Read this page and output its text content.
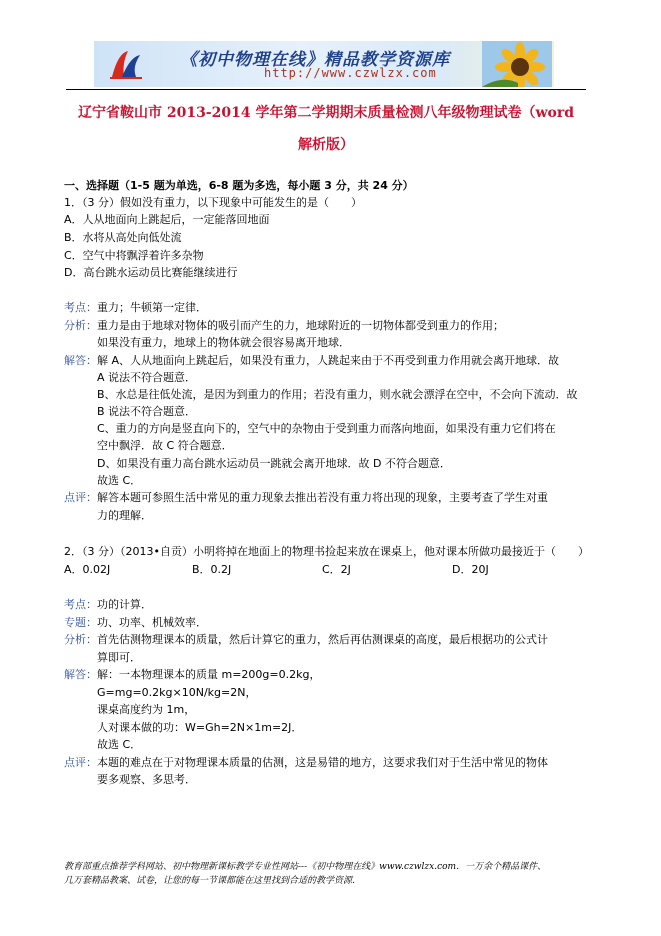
《初中物理在线》精品教学资源库
http://www.czwlzx.com
辽宁省鞍山市 2013-2014 学年第二学期期末质量检测八年级物理试卷（word
解析版）
一、选择题（1-5 题为单选，6-8 题为多选，每小题 3 分，共 24 分）
1．（3 分）假如没有重力，以下现象中可能发生的是（　　）
A．人从地面向上跳起后，一定能落回地面
B．水将从高处向低处流
C．空气中将飘浮着许多杂物
D．高台跳水运动员比赛能继续进行
考点： 重力；牛顿第一定律．
分析： 重力是由于地球对物体的吸引而产生的力，地球附近的一切物体都受到重力的作用；
如果没有重力，地球上的物体就会很容易离开地球．
解答： 解 A、人从地面向上跳起后，如果没有重力，人跳起来由于不再受到重力作用就会离开地球．故
A 说法不符合题意．
B、水总是往低处流，是因为到重力的作用；若没有重力，则水就会漂浮在空中，不会向下流动．故
B 说法不符合题意．
C、重力的方向是竖直向下的，空气中的杂物由于受到重力而落向地面，如果没有重力它们将在
空中飘浮．故 C 符合题意．
D、如果没有重力高台跳水运动员一跳就会离开地球．故 D 不符合题意．
故选 C．
点评： 解答本题可参照生活中常见的重力现象去推出若没有重力将出现的现象，主要考查了学生对重
力的理解．
2．（3 分）（2013•自贡）小明将掉在地面上的物理书捡起来放在课桌上，他对课本所做功最接近于（　　）
A．0.02J	B．0.2J	C．2J	D．20J
考点： 功的计算．
专题： 功、功率、机械效率．
分析： 首先估测物理课本的质量，然后计算它的重力，然后再估测课桌的高度，最后根据功的公式计
算即可．
解答： 解：一本物理课本的质量 m=200g=0.2kg，
G=mg=0.2kg×10N/kg=2N，
课桌高度约为 1m，
人对课本做的功：W=Gh=2N×1m=2J．
故选 C．
点评： 本题的难点在于对物理课本质量的估测，这是易错的地方，这要求我们对于生活中常见的物体
要多观察、多思考．
教育部重点推荐学科网站、初中物理新课标教学专业性网站---《初中物理在线》www.czwlzx.com．一万余个精品课件、
几万套精品教案、试卷，让您的每一节课都能在这里找到合适的教学资源．
